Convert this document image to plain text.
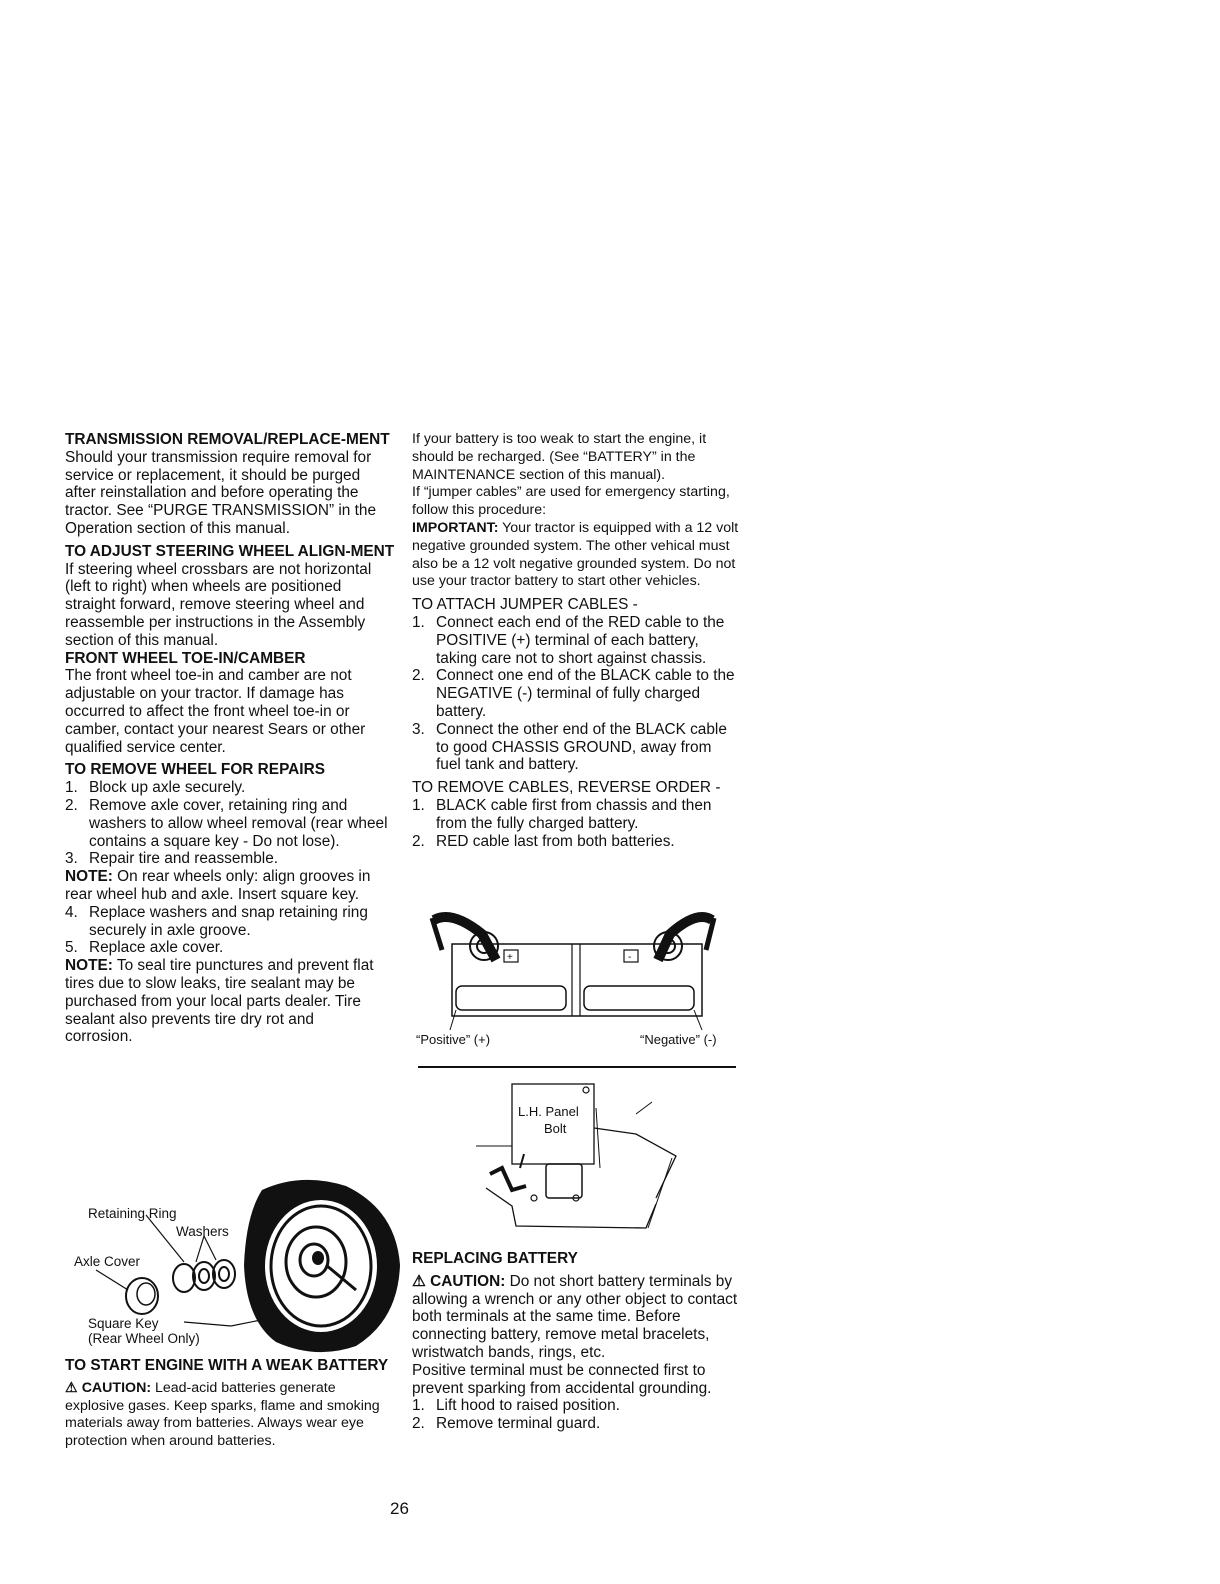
TRANSMISSION REMOVAL/REPLACE-MENT

Should your transmission require removal for service or replacement, it should be purged after reinstallation and before operating the tractor. See “PURGE TRANSMISSION” in the Operation section of this manual.

TO ADJUST STEERING WHEEL ALIGN-MENT

If steering wheel crossbars are not horizontal (left to right) when wheels are positioned straight forward, remove steering wheel and reassemble per instructions in the Assembly section of this manual.

FRONT WHEEL TOE-IN/CAMBER

The front wheel toe-in and camber are not adjustable on your tractor. If damage has occurred to affect the front wheel toe-in or camber, contact your nearest Sears or other qualified service center.

TO REMOVE WHEEL FOR REPAIRS
1. Block up axle securely.
2. Remove axle cover, retaining ring and washers to allow wheel removal (rear wheel contains a square key - Do not lose).
3. Repair tire and reassemble.

NOTE: On rear wheels only: align grooves in rear wheel hub and axle. Insert square key.

4. Replace washers and snap retaining ring securely in axle groove.
5. Replace axle cover.

NOTE: To seal tire punctures and prevent flat tires due to slow leaks, tire sealant may be purchased from your local parts dealer. Tire sealant also prevents tire dry rot and corrosion.

Retaining Ring
Washers
Axle Cover
Square Key
(Rear Wheel Only)
TO START ENGINE WITH A WEAK BATTERY

⚠ CAUTION: Lead-acid batteries generate explosive gases. Keep sparks, flame and smoking materials away from batteries. Always wear eye protection when around batteries.

If your battery is too weak to start the engine, it should be recharged. (See “BATTERY” in the MAINTENANCE section of this manual).

If “jumper cables” are used for emergency starting, follow this procedure:

IMPORTANT: Your tractor is equipped with a 12 volt negative grounded system. The other vehical must also be a 12 volt negative grounded system. Do not use your tractor battery to start other vehicles.

TO ATTACH JUMPER CABLES -

1. Connect each end of the RED cable to the POSITIVE (+) terminal of each battery, taking care not to short against chassis.
2. Connect one end of the BLACK cable to the NEGATIVE (-) terminal of fully charged battery.
3. Connect the other end of the BLACK cable to good CHASSIS GROUND, away from fuel tank and battery.

TO REMOVE CABLES, REVERSE ORDER -

1. BLACK cable first from chassis and then from the fully charged battery.
2. RED cable last from both batteries.
+	-
“Positive” (+)	“Negative” (-)
L.H. Panel
Bolt
REPLACING BATTERY

⚠ CAUTION: Do not short battery terminals by allowing a wrench or any other object to contact both terminals at the same time. Before connecting battery, remove metal bracelets, wristwatch bands, rings, etc.

Positive terminal must be connected first to prevent sparking from accidental grounding.

1. Lift hood to raised position.
2. Remove terminal guard.
26
